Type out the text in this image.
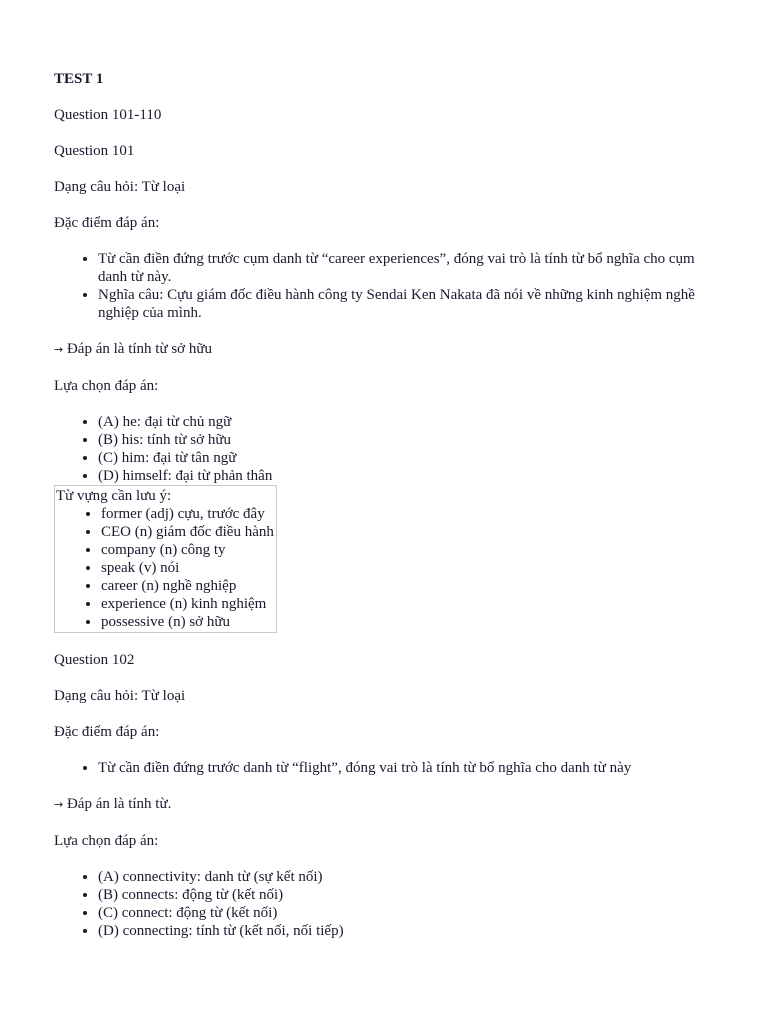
TEST 1

Question 101-110

Question 101

Dạng câu hỏi: Từ loại

Đặc điểm đáp án:

• Từ cần điền đứng trước cụm danh từ “career experiences”, đóng vai trò là tính từ bổ nghĩa cho cụm danh từ này.
• Nghĩa câu: Cựu giám đốc điều hành công ty Sendai Ken Nakata đã nói về những kinh nghiệm nghề nghiệp của mình.

→ Đáp án là tính từ sở hữu

Lựa chọn đáp án:

• (A) he: đại từ chủ ngữ
• (B) his: tính từ sở hữu
• (C) him: đại từ tân ngữ
• (D) himself: đại từ phản thân
Từ vựng cần lưu ý:
• former (adj) cựu, trước đây
• CEO (n) giám đốc điều hành
• company (n) công ty
• speak (v) nói
• career (n) nghề nghiệp
• experience (n) kinh nghiệm
• possessive (n) sở hữu

Question 102

Dạng câu hỏi: Từ loại

Đặc điểm đáp án:

• Từ cần điền đứng trước danh từ “flight”, đóng vai trò là tính từ bổ nghĩa cho danh từ này

→ Đáp án là tính từ.

Lựa chọn đáp án:

• (A) connectivity: danh từ (sự kết nối)
• (B) connects: động từ (kết nối)
• (C) connect: động từ (kết nối)
• (D) connecting: tính từ (kết nối, nối tiếp)
